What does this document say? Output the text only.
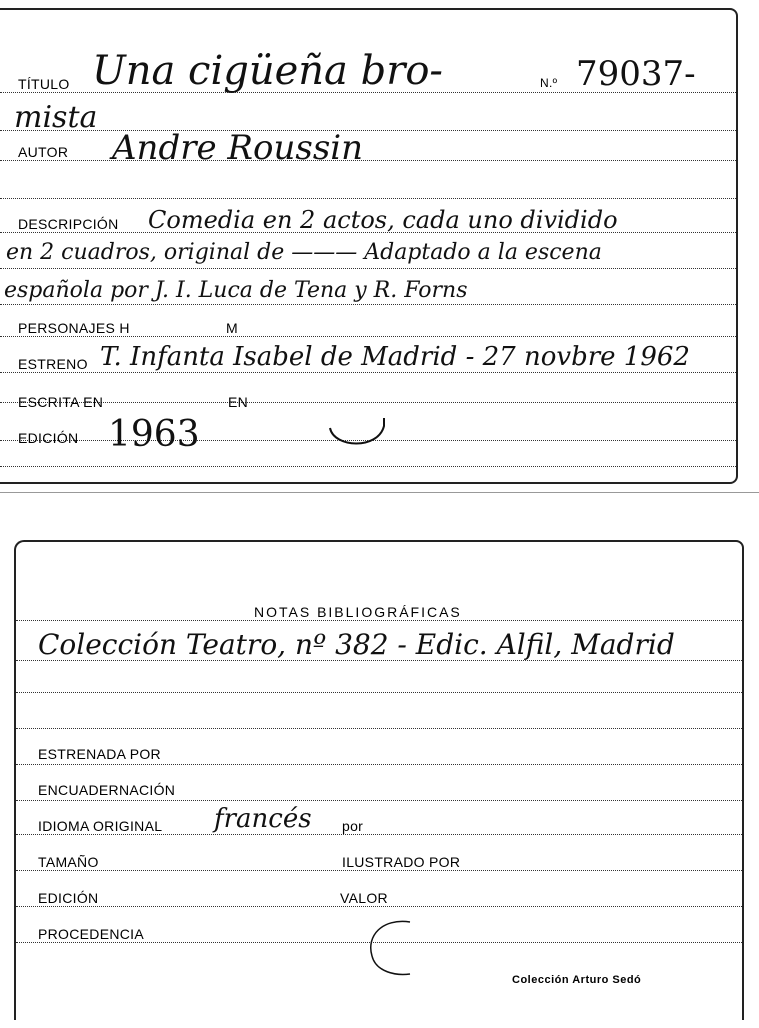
TÍTULO Una cigüeña bro-	N.º 79037-
mista
AUTOR Andre Roussin
DESCRIPCIÓN Comedia en 2 actos, cada uno dividido
en 2 cuadros, original de ——— Adaptado a la escena
española por J. I. Luca de Tena y R. Forns
PERSONAJES H	M
ESTRENO T. Infanta Isabel de Madrid - 27 novbre 1962
ESCRITA EN	EN
EDICIÓN 1963
NOTAS BIBLIOGRÁFICAS
Colección Teatro, nº 382 - Edic. Alfil, Madrid
ESTRENADA POR
ENCUADERNACIÓN
IDIOMA ORIGINAL francés por
TAMAÑO	ILUSTRADO POR
EDICIÓN	VALOR
PROCEDENCIA
Colección Arturo Sedó
